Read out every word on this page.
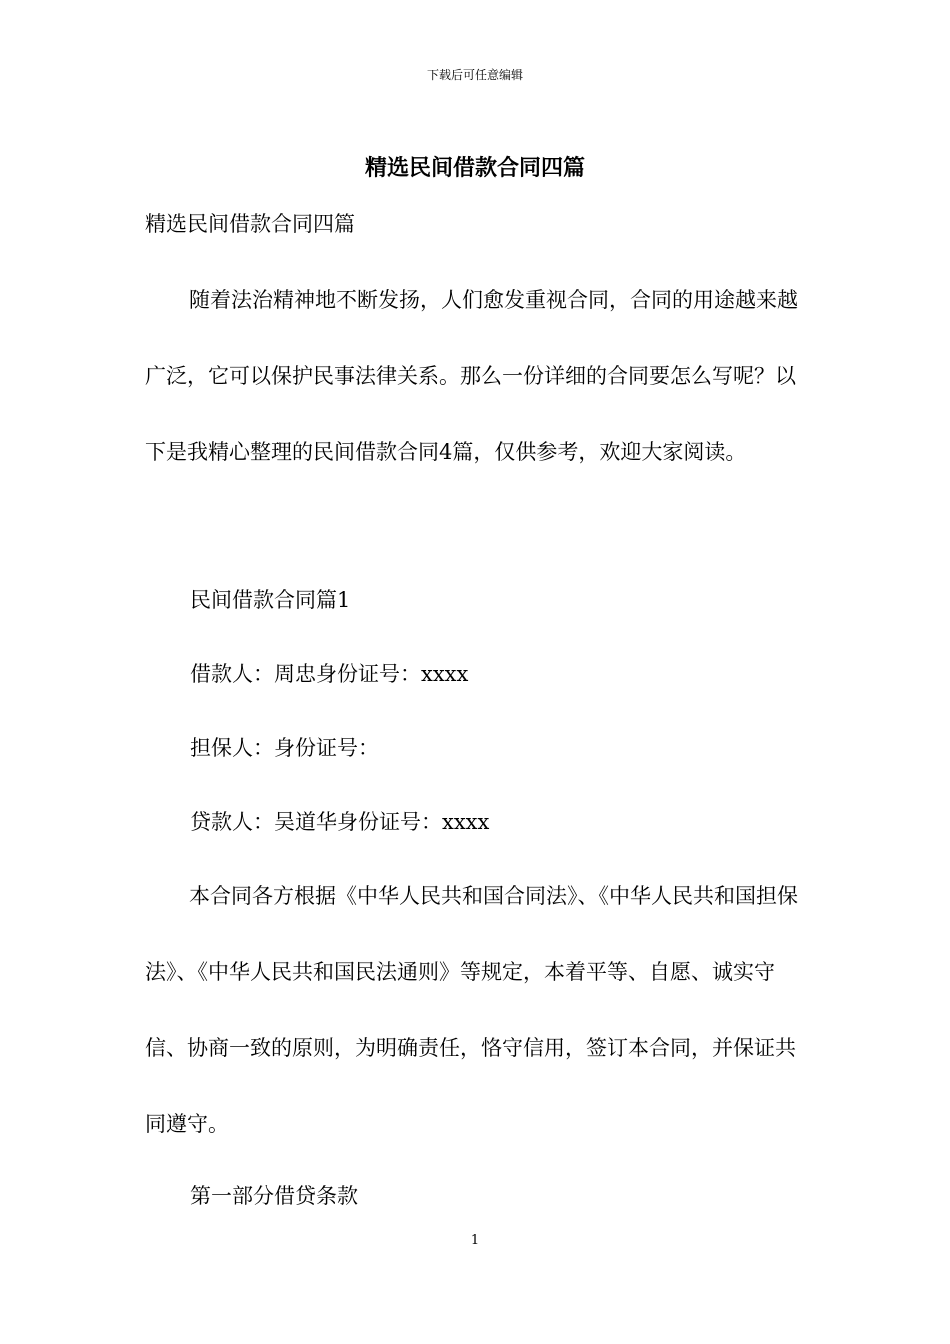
下载后可任意编辑
精选民间借款合同四篇

精选民间借款合同四篇

随着法治精神地不断发扬，人们愈发重视合同，合同的用途越来越广泛，它可以保护民事法律关系。那么一份详细的合同要怎么写呢？以下是我精心整理的民间借款合同4篇，仅供参考，欢迎大家阅读。

民间借款合同篇1

借款人：周忠身份证号：xxxx

担保人：身份证号：

贷款人：吴道华身份证号：xxxx

本合同各方根据《中华人民共和国合同法》、《中华人民共和国担保法》、《中华人民共和国民法通则》等规定，本着平等、自愿、诚实守信、协商一致的原则，为明确责任，恪守信用，签订本合同，并保证共同遵守。

第一部分借贷条款

1
